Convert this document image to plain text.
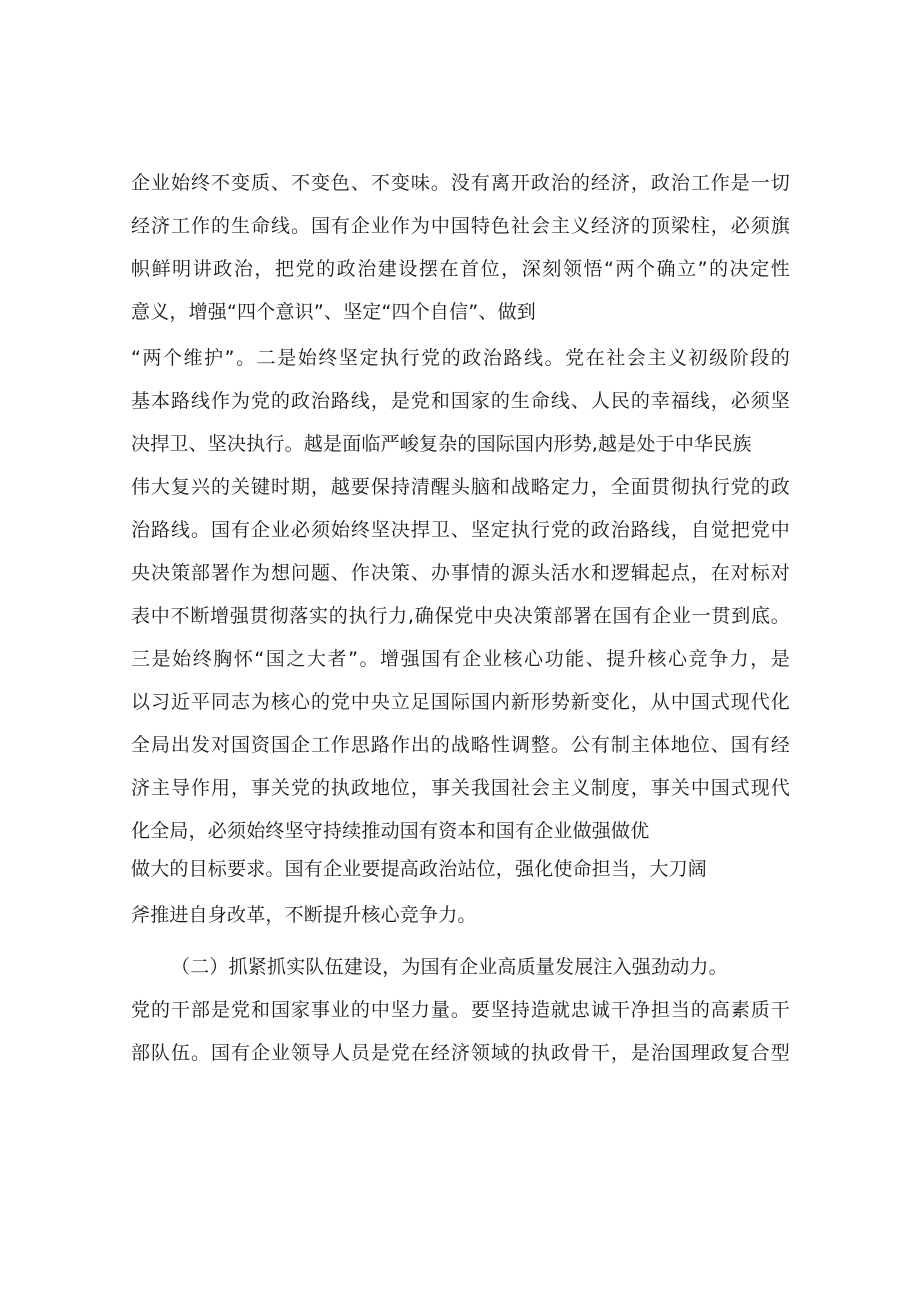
企业始终不变质、不变色、不变味。没有离开政治的经济，政治工作是一切
经济工作的生命线。国有企业作为中国特色社会主义经济的顶梁柱，必须旗
帜鲜明讲政治，把党的政治建设摆在首位，深刻领悟“两个确立”的决定性
意义，增强“四个意识”、坚定“四个自信”、做到
“两个维护”。二是始终坚定执行党的政治路线。党在社会主义初级阶段的
基本路线作为党的政治路线，是党和国家的生命线、人民的幸福线，必须坚
决捍卫、坚决执行。越是面临严峻复杂的国际国内形势,越是处于中华民族
伟大复兴的关键时期，越要保持清醒头脑和战略定力，全面贯彻执行党的政
治路线。国有企业必须始终坚决捍卫、坚定执行党的政治路线，自觉把党中
央决策部署作为想问题、作决策、办事情的源头活水和逻辑起点，在对标对
表中不断增强贯彻落实的执行力,确保党中央决策部署在国有企业一贯到底。
三是始终胸怀“国之大者”。增强国有企业核心功能、提升核心竞争力，是
以习近平同志为核心的党中央立足国际国内新形势新变化，从中国式现代化
全局出发对国资国企工作思路作出的战略性调整。公有制主体地位、国有经
济主导作用，事关党的执政地位，事关我国社会主义制度，事关中国式现代
化全局，必须始终坚守持续推动国有资本和国有企业做强做优
做大的目标要求。国有企业要提高政治站位，强化使命担当，大刀阔
斧推进自身改革，不断提升核心竞争力。
（二）抓紧抓实队伍建设，为国有企业高质量发展注入强劲动力。
党的干部是党和国家事业的中坚力量。要坚持造就忠诚干净担当的高素质干
部队伍。国有企业领导人员是党在经济领域的执政骨干，是治国理政复合型
